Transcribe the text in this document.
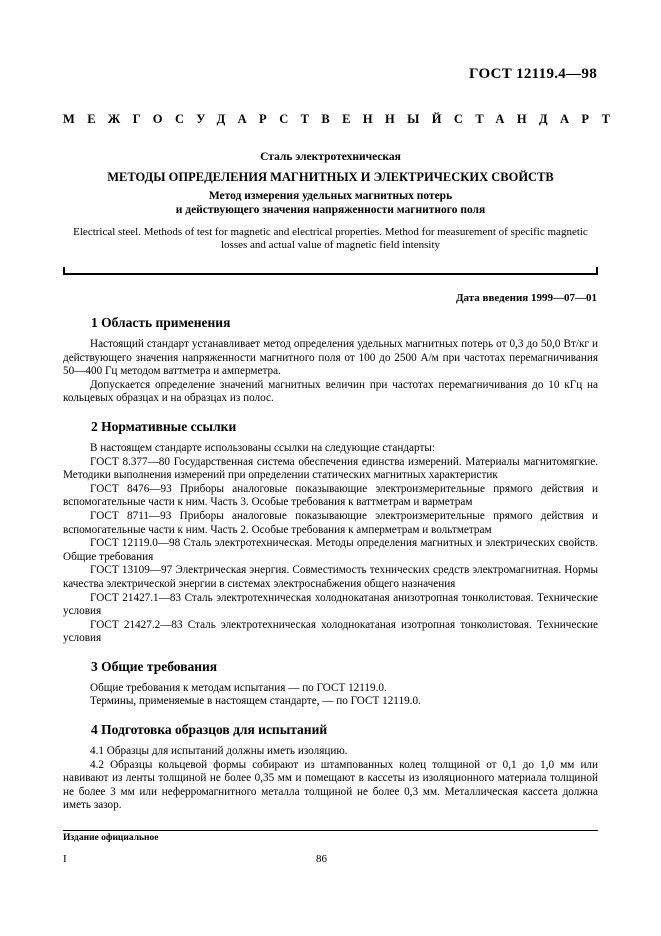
ГОСТ 12119.4—98
МЕЖГОСУДАРСТВЕННЫЙ СТАНДАРТ
Сталь электротехническая
МЕТОДЫ ОПРЕДЕЛЕНИЯ МАГНИТНЫХ И ЭЛЕКТРИЧЕСКИХ СВОЙСТВ
Метод измерения удельных магнитных потерь
и действующего значения напряженности магнитного поля
Electrical steel. Methods of test for magnetic and electrical properties. Method for measurement of specific magnetic losses and actual value of magnetic field intensity
Дата введения 1999—07—01
1 Область применения

Настоящий стандарт устанавливает метод определения удельных магнитных потерь от 0,3 до 50,0 Вт/кг и действующего значения напряженности магнитного поля от 100 до 2500 А/м при частотах перемагничивания 50—400 Гц методом ваттметра и амперметра.

Допускается определение значений магнитных величин при частотах перемагничивания до 10 кГц на кольцевых образцах и на образцах из полос.

2 Нормативные ссылки

В настоящем стандарте использованы ссылки на следующие стандарты:

ГОСТ 8.377—80 Государственная система обеспечения единства измерений. Материалы магнитомягкие. Методики выполнения измерений при определении статических магнитных характеристик

ГОСТ 8476—93 Приборы аналоговые показывающие электроизмерительные прямого действия и вспомогательные части к ним. Часть 3. Особые требования к ваттметрам и варметрам

ГОСТ 8711—93 Приборы аналоговые показывающие электроизмерительные прямого действия и вспомогательные части к ним. Часть 2. Особые требования к амперметрам и вольтметрам

ГОСТ 12119.0—98 Сталь электротехническая. Методы определения магнитных и электрических свойств. Общие требования

ГОСТ 13109—97 Электрическая энергия. Совместимость технических средств электромагнитная. Нормы качества электрической энергии в системах электроснабжения общего назначения

ГОСТ 21427.1—83 Сталь электротехническая холоднокатаная анизотропная тонколистовая. Технические условия

ГОСТ 21427.2—83 Сталь электротехническая холоднокатаная изотропная тонколистовая. Технические условия

3 Общие требования

Общие требования к методам испытания — по ГОСТ 12119.0.

Термины, применяемые в настоящем стандарте, — по ГОСТ 12119.0.

4 Подготовка образцов для испытаний

4.1 Образцы для испытаний должны иметь изоляцию.

4.2 Образцы кольцевой формы собирают из штампованных колец толщиной от 0,1 до 1,0 мм или навивают из ленты толщиной не более 0,35 мм и помещают в кассеты из изоляционного материала толщиной не более 3 мм или неферромагнитного металла толщиной не более 0,3 мм. Металлическая кассета должна иметь зазор.

Издание официальное
I	86
